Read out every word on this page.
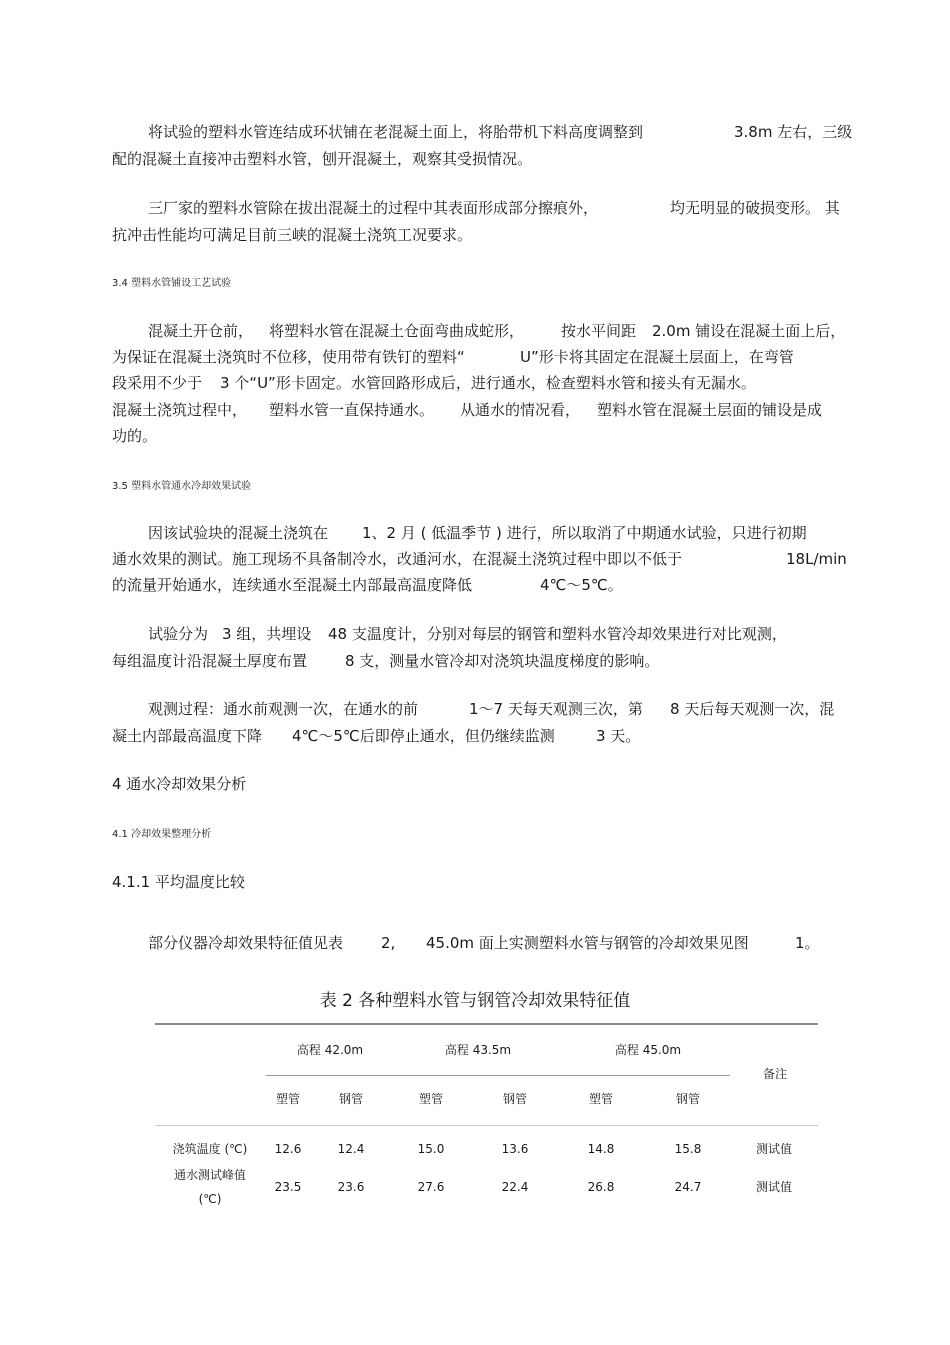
将试验的塑料水管连结成环状铺在老混凝土面上，将胎带机下料高度调整到	3.8m 左右，三级
配的混凝土直接冲击塑料水管，刨开混凝土，观察其受损情况。
三厂家的塑料水管除在拔出混凝土的过程中其表面形成部分擦痕外，	均无明显的破损变形。 其
抗冲击性能均可满足目前三峡的混凝土浇筑工况要求。
3.4 塑料水管铺设工艺试验
混凝土开仓前， 将塑料水管在混凝土仓面弯曲成蛇形， 按水平间距 2.0m 铺设在混凝土面上后，
为保证在混凝土浇筑时不位移，使用带有铁钉的塑料“	U”形卡将其固定在混凝土层面上，在弯管
段采用不少于 3 个“U”形卡固定。水管回路形成后，进行通水，检查塑料水管和接头有无漏水。
混凝土浇筑过程中， 塑料水管一直保持通水。 从通水的情况看， 塑料水管在混凝土层面的铺设是成
功的。
3.5 塑料水管通水冷却效果试验
因该试验块的混凝土浇筑在 1、2 月 ( 低温季节 ) 进行，所以取消了中期通水试验，只进行初期
通水效果的测试。施工现场不具备制冷水，改通河水，在混凝土浇筑过程中即以不低于	18L/min
的流量开始通水，连续通水至混凝土内部最高温度降低	4℃～5℃。
试验分为 3 组，共埋设 48 支温度计，分别对每层的钢管和塑料水管冷却效果进行对比观测，
每组温度计沿混凝土厚度布置	8 支，测量水管冷却对浇筑块温度梯度的影响。
观测过程：通水前观测一次，在通水的前	1～7 天每天观测三次，第 8 天后每天观测一次，混
凝土内部最高温度下降 4℃～5℃后即停止通水，但仍继续监测	3 天。
4 通水冷却效果分析
4.1 冷却效果整理分析
4.1.1 平均温度比较
部分仪器冷却效果特征值见表	2, 45.0m 面上实测塑料水管与钢管的冷却效果见图	1。
表 2 各种塑料水管与钢管冷却效果特征值
高程 42.0m	高程 43.5m	高程 45.0m
备注
塑管	钢管	塑管	钢管	塑管	钢管
浇筑温度 (℃)	12.6	12.4	15.0	13.6	14.8	15.8	测试值
通水测试峰值
(℃)
23.5	23.6	27.6	22.4	26.8	24.7	测试值
